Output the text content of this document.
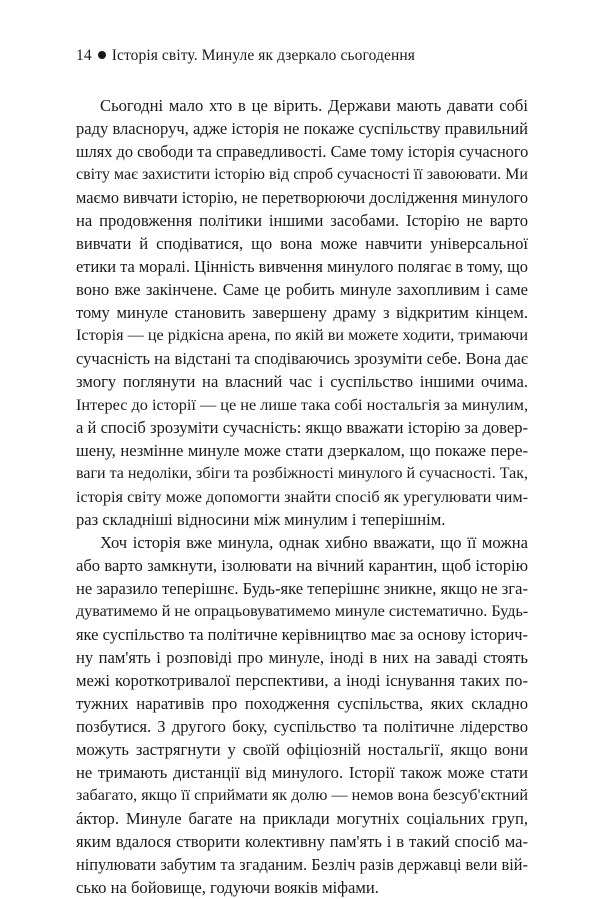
14 Історія світу. Минуле як дзеркало сьогодення
Сьогодні мало хто в це вірить. Держави мають давати собі
раду власноруч, адже історія не покаже суспільству правильний
шлях до свободи та справедливості. Саме тому історія сучасного
світу має захистити історію від спроб сучасності її завоювати. Ми
маємо вивчати історію, не перетворюючи дослідження минулого
на продовження політики іншими засобами. Історію не варто
вивчати й сподіватися, що вона може навчити універсальної
етики та моралі. Цінність вивчення минулого полягає в тому, що
воно вже закінчене. Саме це робить минуле захопливим і саме
тому минуле становить завершену драму з відкритим кінцем.
Історія — це рідкісна арена, по якій ви можете ходити, тримаючи
сучасність на відстані та сподіваючись зрозуміти себе. Вона дає
змогу поглянути на власний час і суспільство іншими очима.
Інтерес до історії — це не лише така собі ностальгія за минулим,
а й спосіб зрозуміти сучасність: якщо вважати історію за довер-
шену, незмінне минуле може стати дзеркалом, що покаже пере-
ваги та недоліки, збіги та розбіжності минулого й сучасності. Так,
історія світу може допомогти знайти спосіб як урегулювати чим-
раз складніші відносини між минулим і теперішнім.
Хоч історія вже минула, однак хибно вважати, що її можна
або варто замкнути, ізолювати на вічний карантин, щоб історію
не заразило теперішнє. Будь-яке теперішнє зникне, якщо не зга-
дуватимемо й не опрацьовуватимемо минуле систематично. Будь-
яке суспільство та політичне керівництво має за основу історич-
ну пам'ять і розповіді про минуле, іноді в них на заваді стоять
межі короткотривалої перспективи, а іноді існування таких по-
тужних наративів про походження суспільства, яких складно
позбутися. З другого боку, суспільство та політичне лідерство
можуть застрягнути у своїй офіціозній ностальгії, якщо вони
не тримають дистанції від минулого. Історії також може стати
забагато, якщо її сприймати як долю — немов вона безсуб'єктний
áктор. Минуле багате на приклади могутніх соціальних груп,
яким вдалося створити колективну пам'ять і в такий спосіб ма-
ніпулювати забутим та згаданим. Безліч разів державці вели вій-
сько на бойовище, годуючи вояків міфами.
